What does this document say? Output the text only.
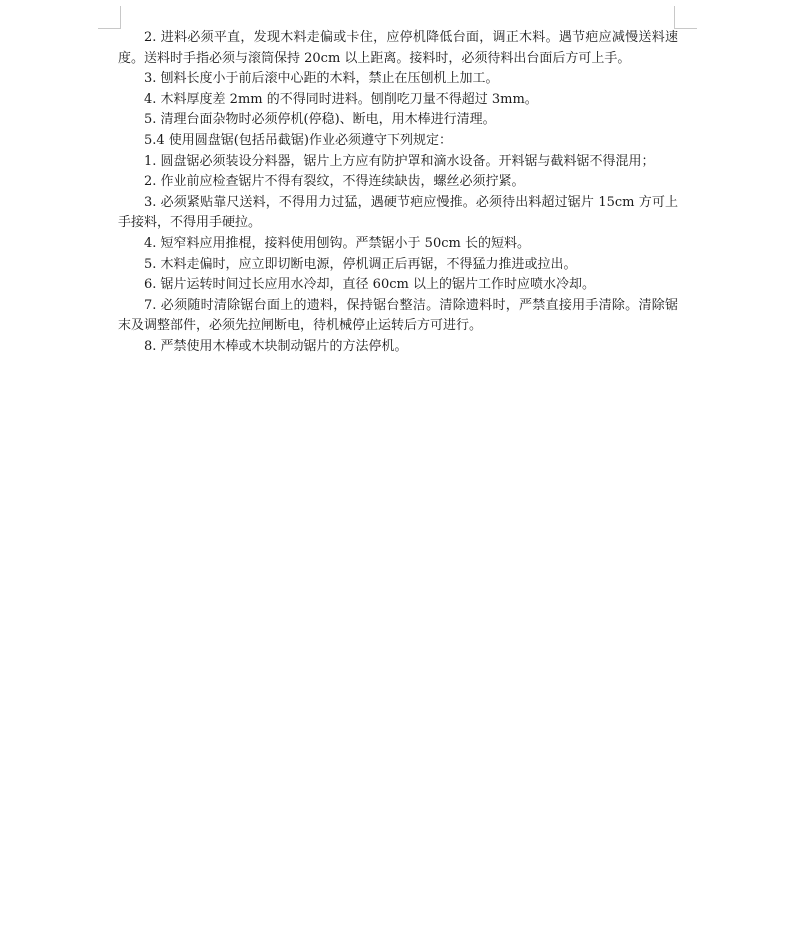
2. 进料必须平直，发现木料走偏或卡住，应停机降低台面，调正木料。遇节疤应减慢送料速度。送料时手指必须与滚筒保持 20cm 以上距离。接料时，必须待料出台面后方可上手。

3. 刨料长度小于前后滚中心距的木料，禁止在压刨机上加工。

4. 木料厚度差 2mm 的不得同时进料。刨削吃刀量不得超过 3mm。

5. 清理台面杂物时必须停机(停稳)、断电，用木棒进行清理。

5.4 使用圆盘锯(包括吊截锯)作业必须遵守下列规定：

1. 圆盘锯必须装设分料器，锯片上方应有防护罩和滴水设备。开料锯与截料锯不得混用；

2. 作业前应检查锯片不得有裂纹，不得连续缺齿，螺丝必须拧紧。

3. 必须紧贴靠尺送料，不得用力过猛，遇硬节疤应慢推。必须待出料超过锯片 15cm 方可上手接料，不得用手硬拉。

4. 短窄料应用推棍，接料使用刨钩。严禁锯小于 50cm 长的短料。

5. 木料走偏时，应立即切断电源，停机调正后再锯，不得猛力推进或拉出。

6. 锯片运转时间过长应用水冷却，直径 60cm 以上的锯片工作时应喷水冷却。

7. 必须随时清除锯台面上的遗料，保持锯台整洁。清除遗料时，严禁直接用手清除。清除锯末及调整部件，必须先拉闸断电，待机械停止运转后方可进行。

8. 严禁使用木棒或木块制动锯片的方法停机。
